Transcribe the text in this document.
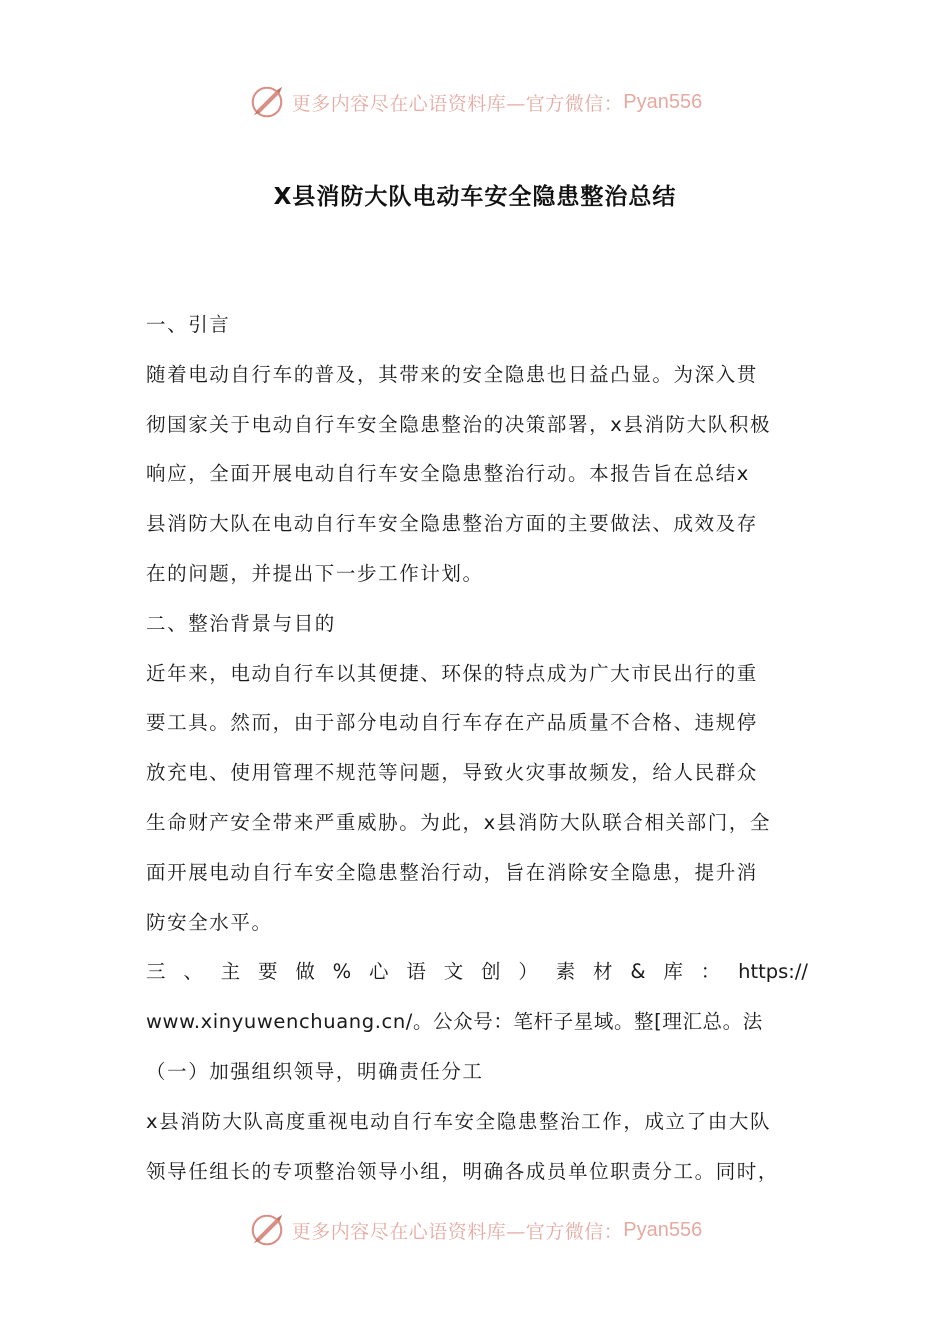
更多内容尽在心语资料库—官方微信： Pyan556
X县消防大队电动车安全隐患整治总结
一、引言
随着电动自行车的普及，其带来的安全隐患也日益凸显。为深入贯
彻国家关于电动自行车安全隐患整治的决策部署，x县消防大队积极
响应，全面开展电动自行车安全隐患整治行动。本报告旨在总结x
县消防大队在电动自行车安全隐患整治方面的主要做法、成效及存
在的问题，并提出下一步工作计划。
二、整治背景与目的
近年来，电动自行车以其便捷、环保的特点成为广大市民出行的重
要工具。然而，由于部分电动自行车存在产品质量不合格、违规停
放充电、使用管理不规范等问题，导致火灾事故频发，给人民群众
生命财产安全带来严重威胁。为此，x县消防大队联合相关部门，全
面开展电动自行车安全隐患整治行动，旨在消除安全隐患，提升消
防安全水平。
三、主要做%心语文创）素材&库：https://
www.xinyuwenchuang.cn/。公众号：笔杆子星域。整[理汇总。法
（一）加强组织领导，明确责任分工
x县消防大队高度重视电动自行车安全隐患整治工作，成立了由大队
领导任组长的专项整治领导小组，明确各成员单位职责分工。同时，
更多内容尽在心语资料库—官方微信： Pyan556
